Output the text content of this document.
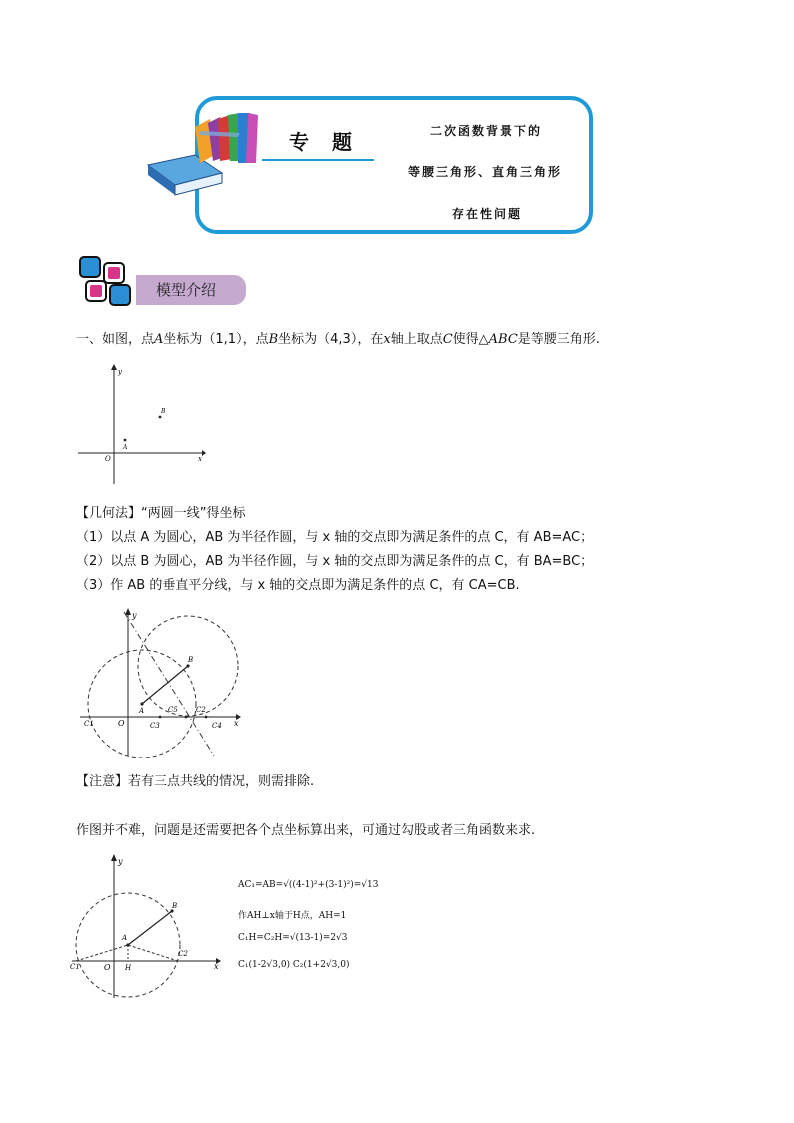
专 题	二次函数背景下的
等腰三角形、直角三角形
存在性问题
模型介绍
一、如图，点A坐标为（1,1），点B坐标为（4,3），在x轴上取点C使得△ABC是等腰三角形.
y
x
O
A
B
【几何法】“两圆一线”得坐标
（1）以点 A 为圆心，AB 为半径作圆，与 x 轴的交点即为满足条件的点 C，有 AB=AC；
（2）以点 B 为圆心，AB 为半径作圆，与 x 轴的交点即为满足条件的点 C，有 BA=BC；
（3）作 AB 的垂直平分线，与 x 轴的交点即为满足条件的点 C，有 CA=CB.
y
x
O
A
B
C1
C5	C2
C3	C4
【注意】若有三点共线的情况，则需排除.
作图并不难，问题是还需要把各个点坐标算出来，可通过勾股或者三角函数来求.
y
x
O
A
B
H
C1
C2
AC₁=AB=√((4-1)²+(3-1)²)=√13
作AH⊥x轴于H点，AH=1
C₁H=C₂H=√(13-1)=2√3
C₁(1-2√3,0) C₂(1+2√3,0)
